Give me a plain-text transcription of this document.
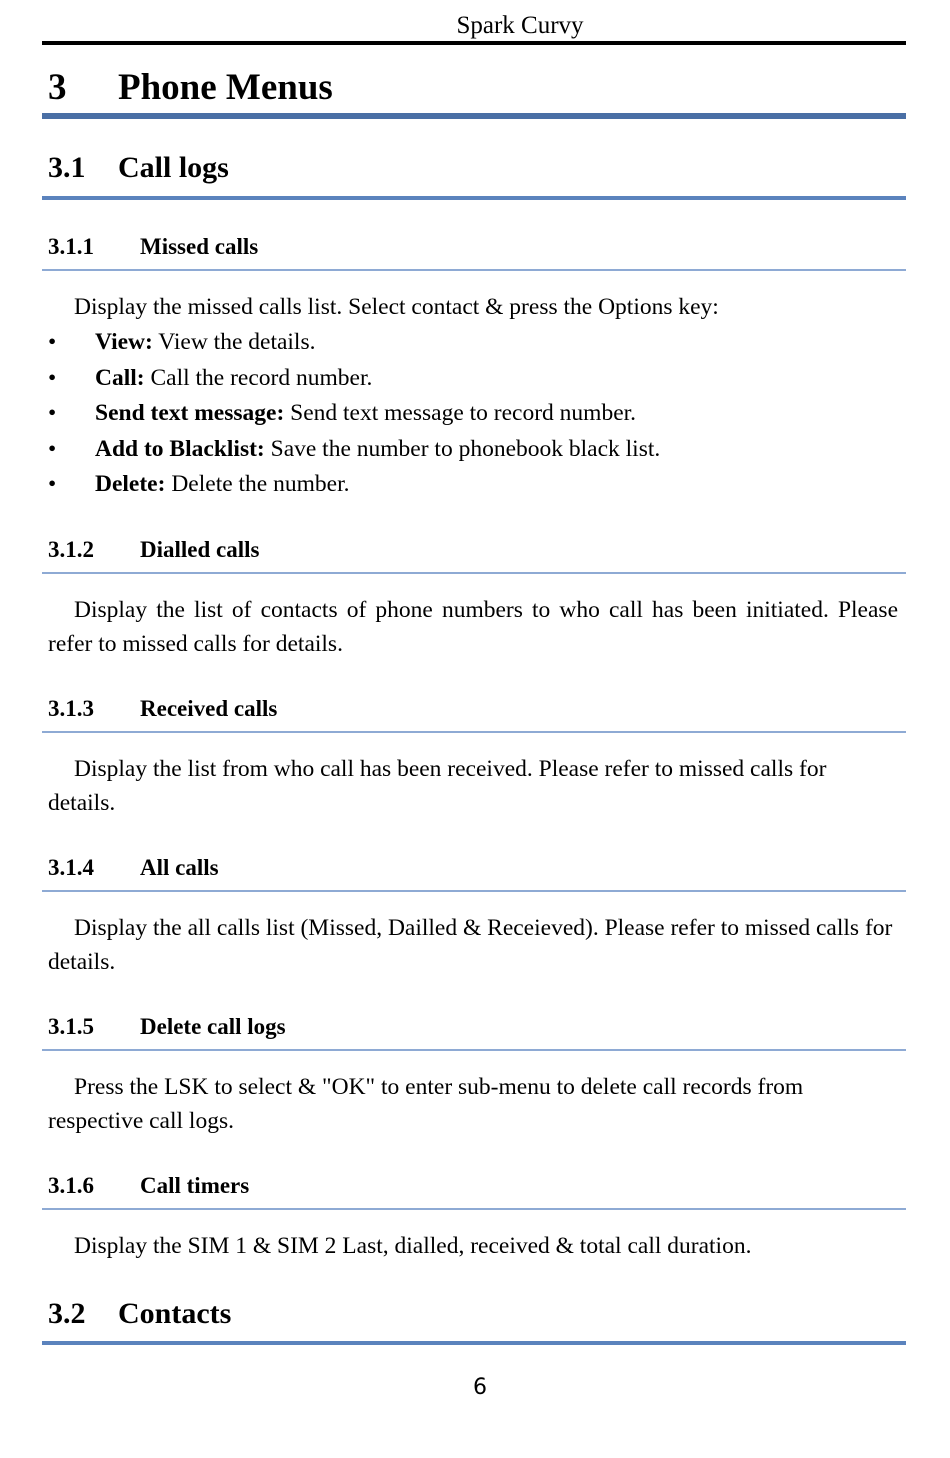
Spark Curvy
3 Phone Menus
3.1 Call logs
3.1.1 Missed calls
Display the missed calls list. Select contact & press the Options key:
• View: View the details.
• Call: Call the record number.
• Send text message: Send text message to record number.
• Add to Blacklist: Save the number to phonebook black list.
• Delete: Delete the number.
3.1.2 Dialled calls
Display the list of contacts of phone numbers to who call has been initiated. Please refer to missed calls for details.
3.1.3 Received calls
Display the list from who call has been received. Please refer to missed calls for details.
3.1.4 All calls
Display the all calls list (Missed, Dailled & Receieved). Please refer to missed calls for details.
3.1.5 Delete call logs
Press the LSK to select & "OK" to enter sub-menu to delete call records from respective call logs.
3.1.6 Call timers
Display the SIM 1 & SIM 2 Last, dialled, received & total call duration.
3.2 Contacts
6
